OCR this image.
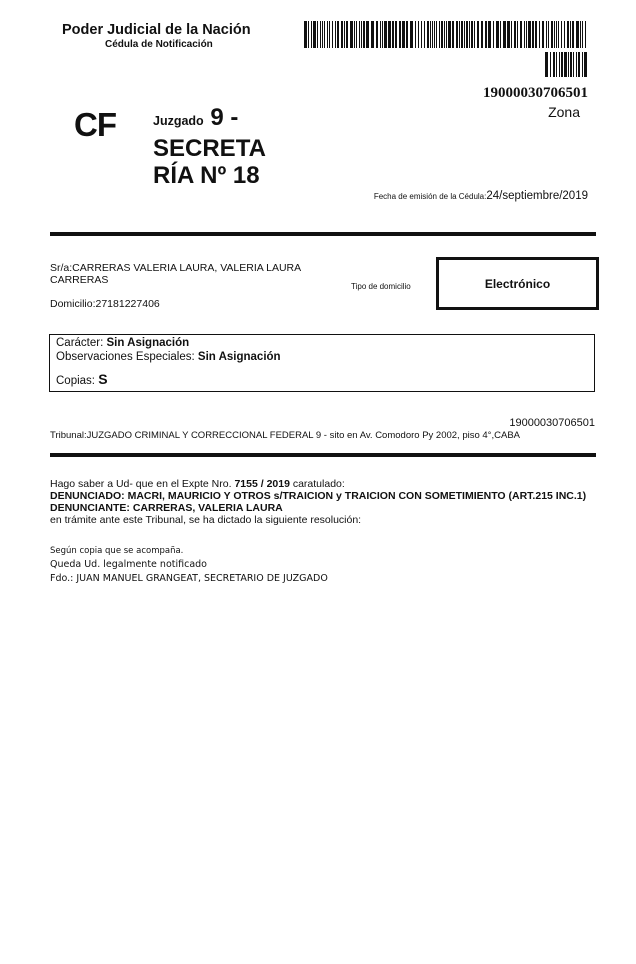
Poder Judicial de la Nación
Cédula de Notificación
19000030706501
Zona
CF	Juzgado 9 -
SECRETA
RÍA Nº 18
Fecha de emisión de la Cédula:24/septiembre/2019
Sr/a:CARRERAS VALERIA LAURA, VALERIA LAURA CARRERAS
Domicilio:27181227406
Tipo de domicilio	Electrónico
Carácter: Sin Asignación
Observaciones Especiales: Sin Asignación
Copias: S
19000030706501
Tribunal:JUZGADO CRIMINAL Y CORRECCIONAL FEDERAL 9 - sito en Av. Comodoro Py 2002, piso 4°,CABA
Hago saber a Ud- que en el Expte Nro. 7155 / 2019 caratulado:
DENUNCIADO: MACRI, MAURICIO Y OTROS s/TRAICION y TRAICION CON SOMETIMIENTO (ART.215 INC.1)
DENUNCIANTE: CARRERAS, VALERIA LAURA
en trámite ante este Tribunal, se ha dictado la siguiente resolución:
Según copia que se acompaña.
Queda Ud. legalmente notificado
Fdo.: JUAN MANUEL GRANGEAT, SECRETARIO DE JUZGADO
